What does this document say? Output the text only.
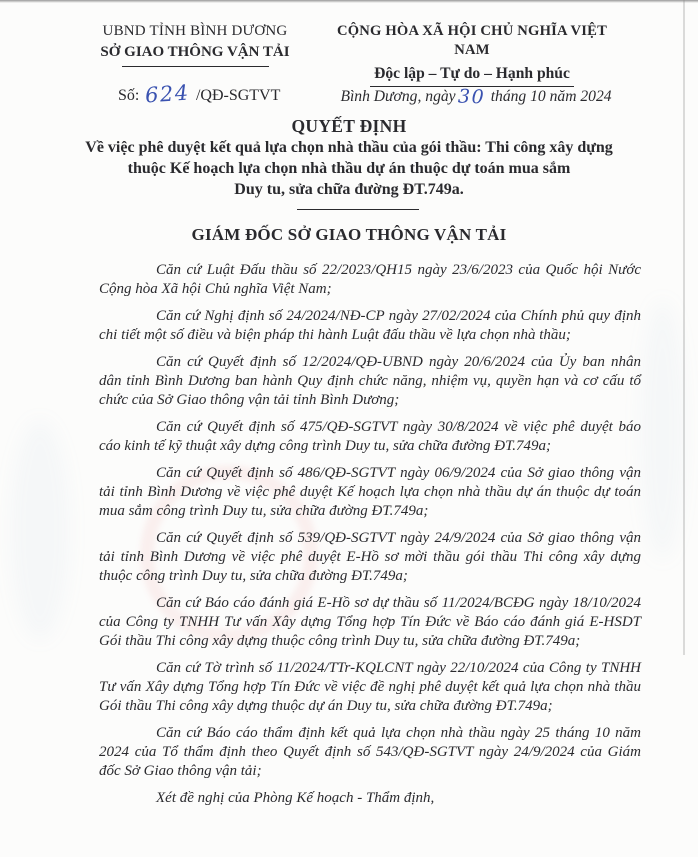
UBND TỈNH BÌNH DƯƠNG
SỞ GIAO THÔNG VẬN TẢI
CỘNG HÒA XÃ HỘI CHỦ NGHĨA VIỆT NAM
Độc lập – Tự do – Hạnh phúc
Số: 624 /QĐ-SGTVT	Bình Dương, ngày30 tháng 10 năm 2024
QUYẾT ĐỊNH
Về việc phê duyệt kết quả lựa chọn nhà thầu của gói thầu: Thi công xây dựng
thuộc Kế hoạch lựa chọn nhà thầu dự án thuộc dự toán mua sắm
Duy tu, sửa chữa đường ĐT.749a.
GIÁM ĐỐC SỞ GIAO THÔNG VẬN TẢI

Căn cứ Luật Đấu thầu số 22/2023/QH15 ngày 23/6/2023 của Quốc hội Nước Cộng hòa Xã hội Chủ nghĩa Việt Nam;

Căn cứ Nghị định số 24/2024/NĐ-CP ngày 27/02/2024 của Chính phủ quy định chi tiết một số điều và biện pháp thi hành Luật đấu thầu về lựa chọn nhà thầu;

Căn cứ Quyết định số 12/2024/QĐ-UBND ngày 20/6/2024 của Ủy ban nhân dân tỉnh Bình Dương ban hành Quy định chức năng, nhiệm vụ, quyền hạn và cơ cấu tổ chức của Sở Giao thông vận tải tỉnh Bình Dương;

Căn cứ Quyết định số 475/QĐ-SGTVT ngày 30/8/2024 về việc phê duyệt báo cáo kinh tế kỹ thuật xây dựng công trình Duy tu, sửa chữa đường ĐT.749a;

Căn cứ Quyết định số 486/QĐ-SGTVT ngày 06/9/2024 của Sở giao thông vận tải tỉnh Bình Dương về việc phê duyệt Kế hoạch lựa chọn nhà thầu dự án thuộc dự toán mua sắm công trình Duy tu, sửa chữa đường ĐT.749a;

Căn cứ Quyết định số 539/QĐ-SGTVT ngày 24/9/2024 của Sở giao thông vận tải tỉnh Bình Dương về việc phê duyệt E-Hồ sơ mời thầu gói thầu Thi công xây dựng thuộc công trình Duy tu, sửa chữa đường ĐT.749a;

Căn cứ Báo cáo đánh giá E-Hồ sơ dự thầu số 11/2024/BCĐG ngày 18/10/2024 của Công ty TNHH Tư vấn Xây dựng Tổng hợp Tín Đức về Báo cáo đánh giá E-HSDT Gói thầu Thi công xây dựng thuộc công trình Duy tu, sửa chữa đường ĐT.749a;

Căn cứ Tờ trình số 11/2024/TTr-KQLCNT ngày 22/10/2024 của Công ty TNHH Tư vấn Xây dựng Tổng hợp Tín Đức về việc đề nghị phê duyệt kết quả lựa chọn nhà thầu Gói thầu Thi công xây dựng thuộc dự án Duy tu, sửa chữa đường ĐT.749a;

Căn cứ Báo cáo thẩm định kết quả lựa chọn nhà thầu ngày 25 tháng 10 năm 2024 của Tổ thẩm định theo Quyết định số 543/QĐ-SGTVT ngày 24/9/2024 của Giám đốc Sở Giao thông vận tải;

Xét đề nghị của Phòng Kế hoạch - Thẩm định,
